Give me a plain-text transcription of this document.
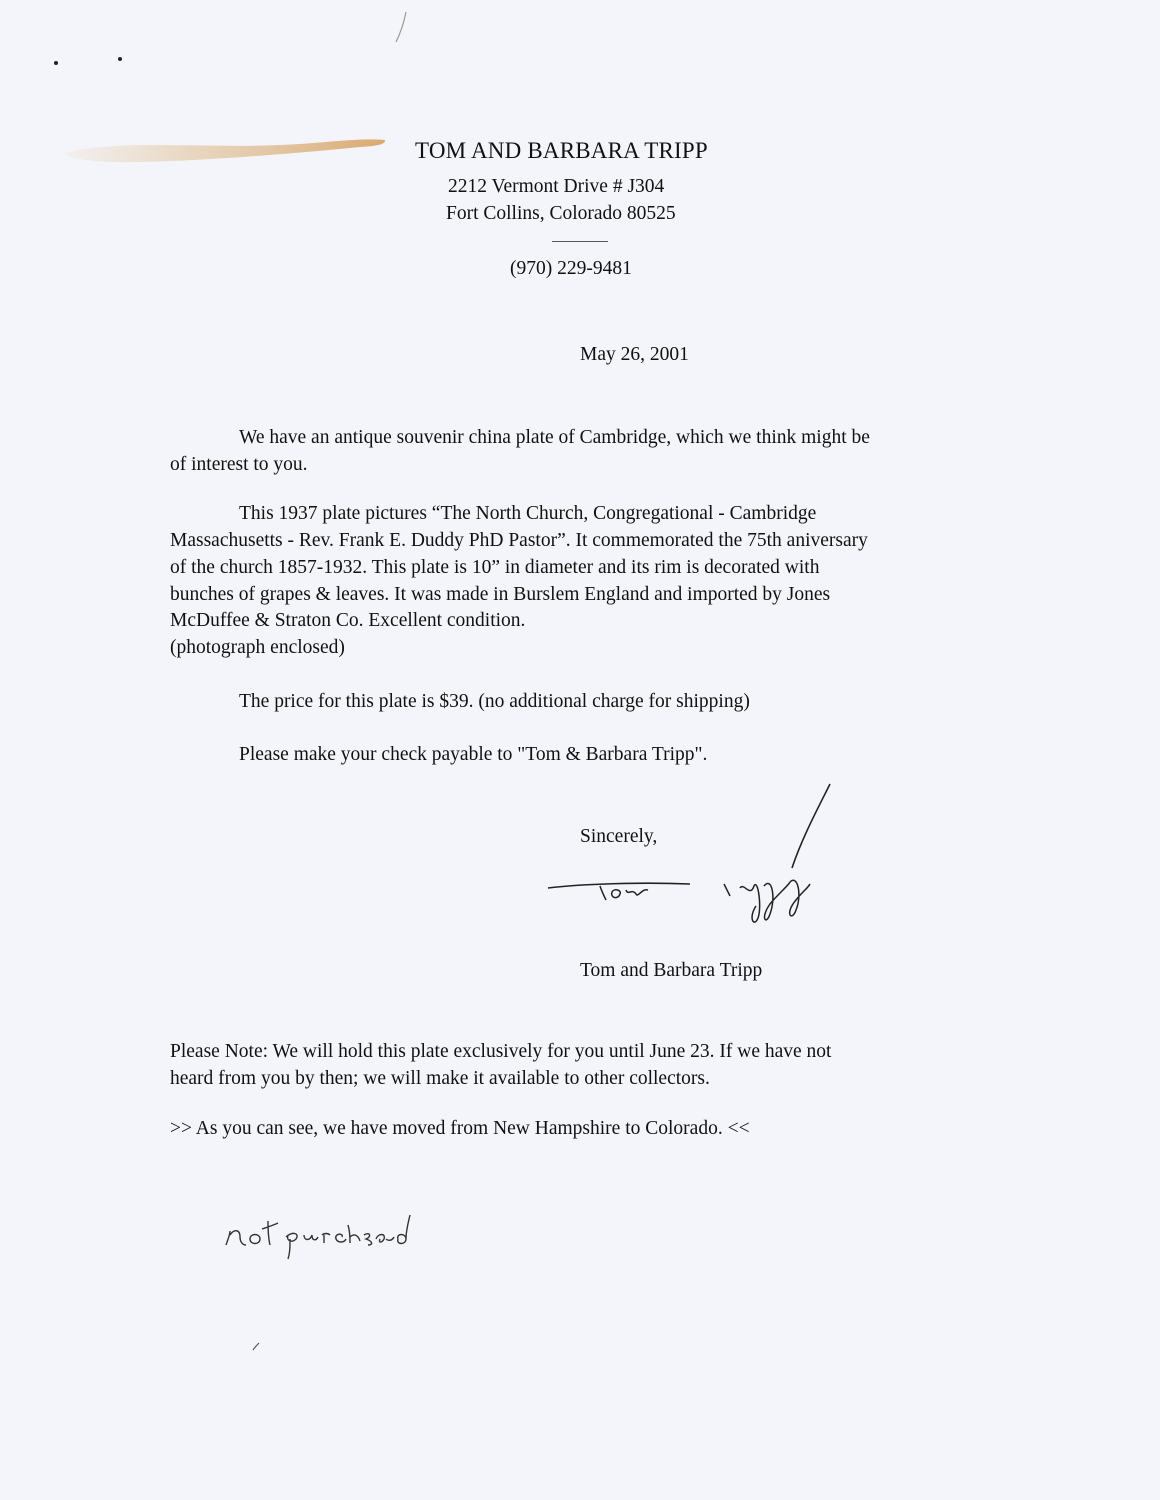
TOM AND BARBARA TRIPP
2212 Vermont Drive # J304
Fort Collins, Colorado 80525
(970) 229-9481
May 26, 2001
We have an antique souvenir china plate of Cambridge, which we think might be
of interest to you.
This 1937 plate pictures “The North Church, Congregational - Cambridge
Massachusetts - Rev. Frank E. Duddy PhD Pastor”. It commemorated the 75th aniversary
of the church 1857-1932. This plate is 10” in diameter and its rim is decorated with
bunches of grapes & leaves. It was made in Burslem England and imported by Jones
McDuffee & Straton Co. Excellent condition.
(photograph enclosed)
The price for this plate is $39. (no additional charge for shipping)
Please make your check payable to "Tom & Barbara Tripp".
Sincerely,
Tom and Barbara Tripp
Please Note: We will hold this plate exclusively for you until June 23. If we have not
heard from you by then; we will make it available to other collectors.
>> As you can see, we have moved from New Hampshire to Colorado. <<
